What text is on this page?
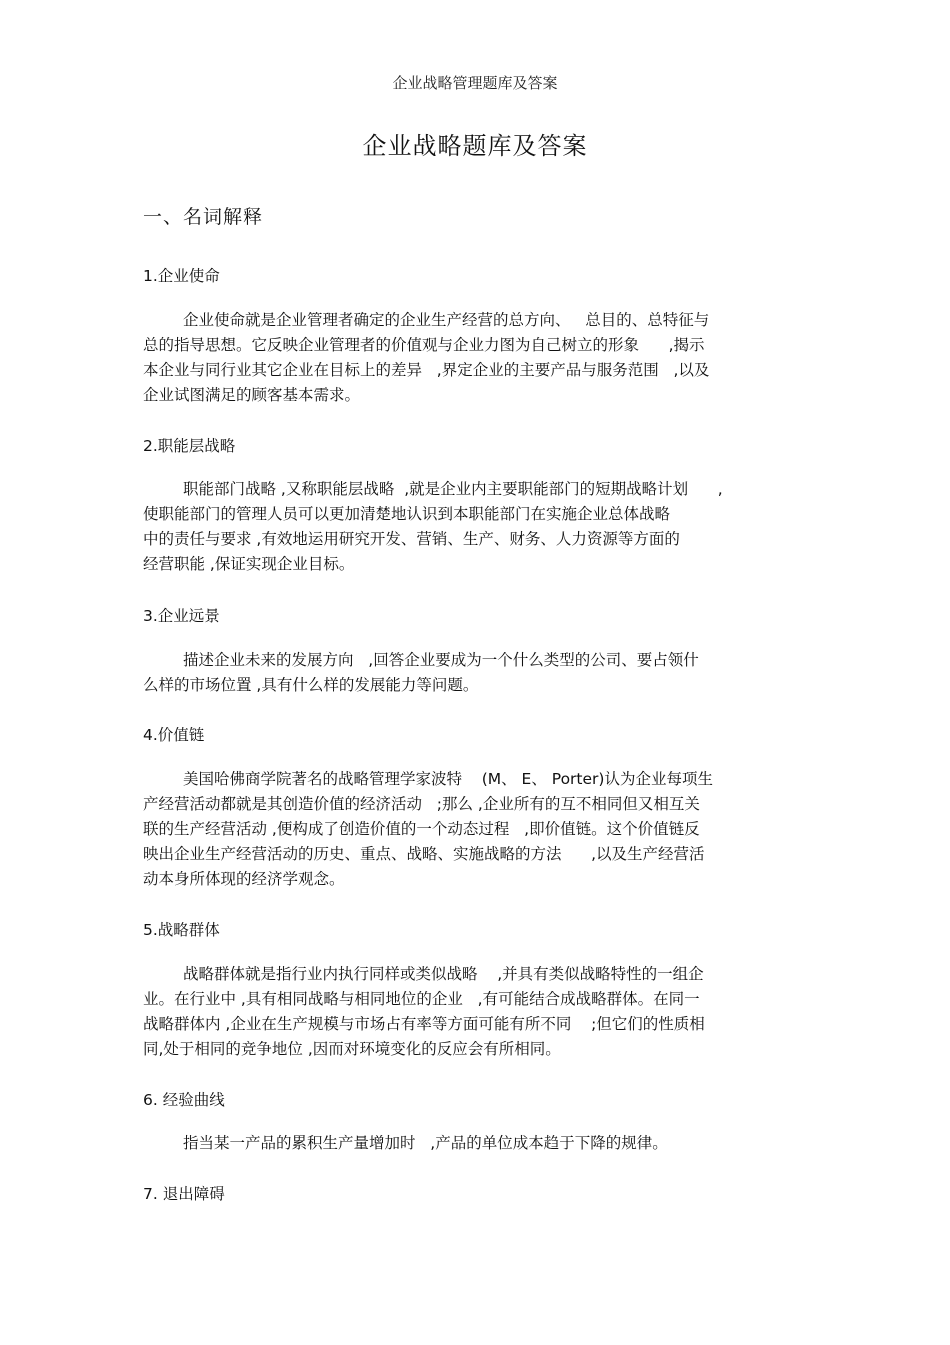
企业战略管理题库及答案
企业战略题库及答案
一、名词解释
1.企业使命

企业使命就是企业管理者确定的企业生产经营的总方向、   总目的、总特征与
总的指导思想。它反映企业管理者的价值观与企业力图为自己树立的形象      ,揭示
本企业与同行业其它企业在目标上的差异   ,界定企业的主要产品与服务范围   ,以及
企业试图满足的顾客基本需求。

2.职能层战略

职能部门战略 ,又称职能层战略  ,就是企业内主要职能部门的短期战略计划      ,
使职能部门的管理人员可以更加清楚地认识到本职能部门在实施企业总体战略
中的责任与要求 ,有效地运用研究开发、营销、生产、财务、人力资源等方面的
经营职能 ,保证实现企业目标。

3.企业远景

描述企业未来的发展方向   ,回答企业要成为一个什么类型的公司、要占领什
么样的市场位置 ,具有什么样的发展能力等问题。

4.价值链

美国哈佛商学院著名的战略管理学家波特    (M、 E、 Porter)认为企业每项生
产经营活动都就是其创造价值的经济活动   ;那么 ,企业所有的互不相同但又相互关
联的生产经营活动 ,便构成了创造价值的一个动态过程   ,即价值链。这个价值链反
映出企业生产经营活动的历史、重点、战略、实施战略的方法      ,以及生产经营活
动本身所体现的经济学观念。

5.战略群体

战略群体就是指行业内执行同样或类似战略    ,并具有类似战略特性的一组企
业。在行业中 ,具有相同战略与相同地位的企业   ,有可能结合成战略群体。在同一
战略群体内 ,企业在生产规模与市场占有率等方面可能有所不同    ;但它们的性质相
同,处于相同的竞争地位 ,因而对环境变化的反应会有所相同。

6. 经验曲线

指当某一产品的累积生产量增加时   ,产品的单位成本趋于下降的规律。

7. 退出障碍
